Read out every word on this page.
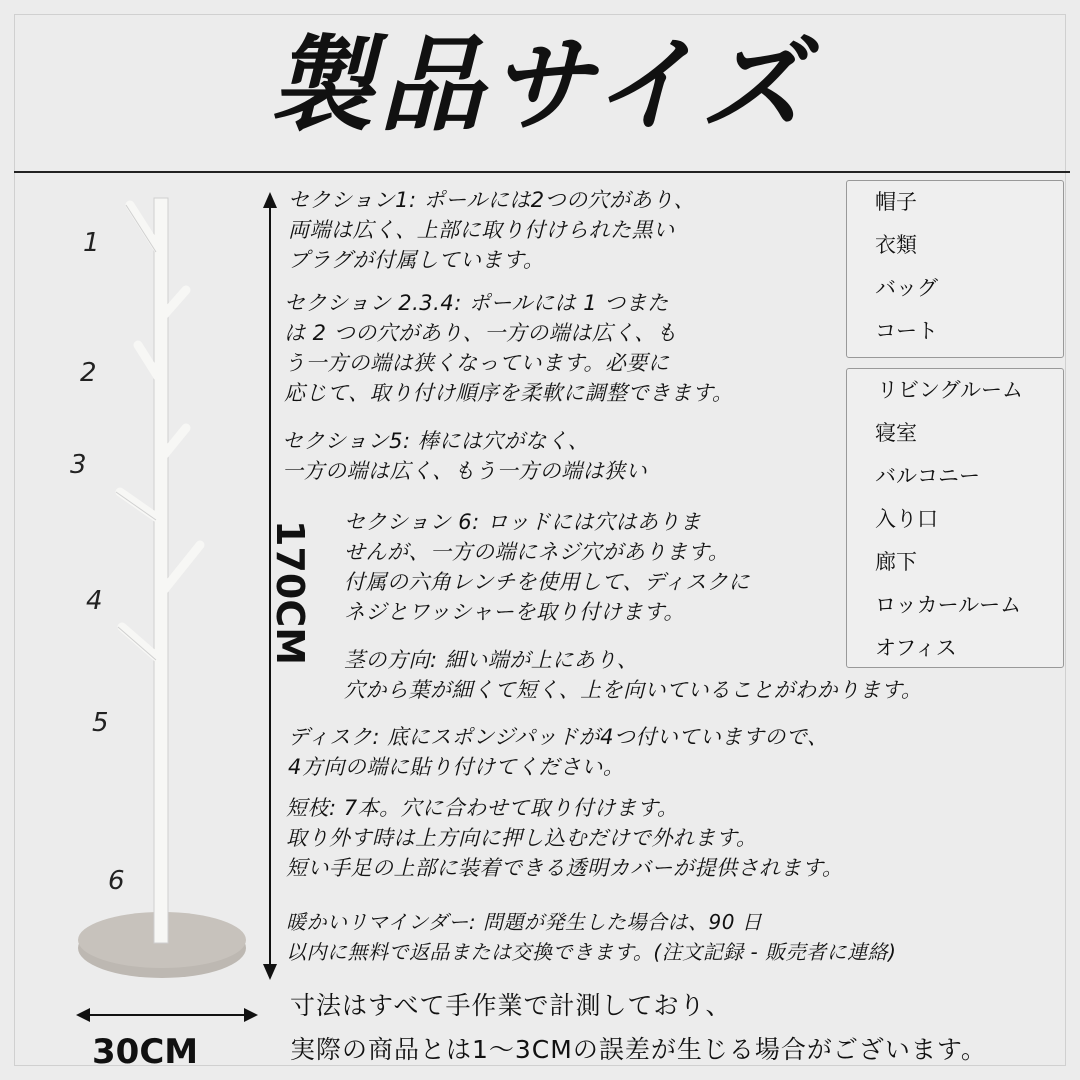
製品サイズ
1
2
3
4
5
6
170CM
30CM
セクション1: ポールには2つの穴があり、
両端は広く、上部に取り付けられた黒い
プラグが付属しています。
セクション 2.3.4: ポールには 1 つまた
は 2 つの穴があり、一方の端は広く、も
う一方の端は狭くなっています。必要に
応じて、取り付け順序を柔軟に調整できます。
セクション5: 棒には穴がなく、
一方の端は広く、もう一方の端は狭い
セクション 6: ロッドには穴はありま
せんが、一方の端にネジ穴があります。
付属の六角レンチを使用して、ディスクに
ネジとワッシャーを取り付けます。
茎の方向: 細い端が上にあり、
穴から葉が細くて短く、上を向いていることがわかります。
ディスク: 底にスポンジパッドが4つ付いていますので、
4方向の端に貼り付けてください。
短枝: 7本。穴に合わせて取り付けます。
取り外す時は上方向に押し込むだけで外れます。
短い手足の上部に装着できる透明カバーが提供されます。
暖かいリマインダー: 問題が発生した場合は、90 日
以内に無料で返品または交換できます。(注文記録 - 販売者に連絡)
帽子
衣類
バッグ
コート
リビングルーム
寝室
バルコニー
入り口
廊下
ロッカールーム
オフィス
寸法はすべて手作業で計測しており、
実際の商品とは1〜3CMの誤差が生じる場合がございます。
